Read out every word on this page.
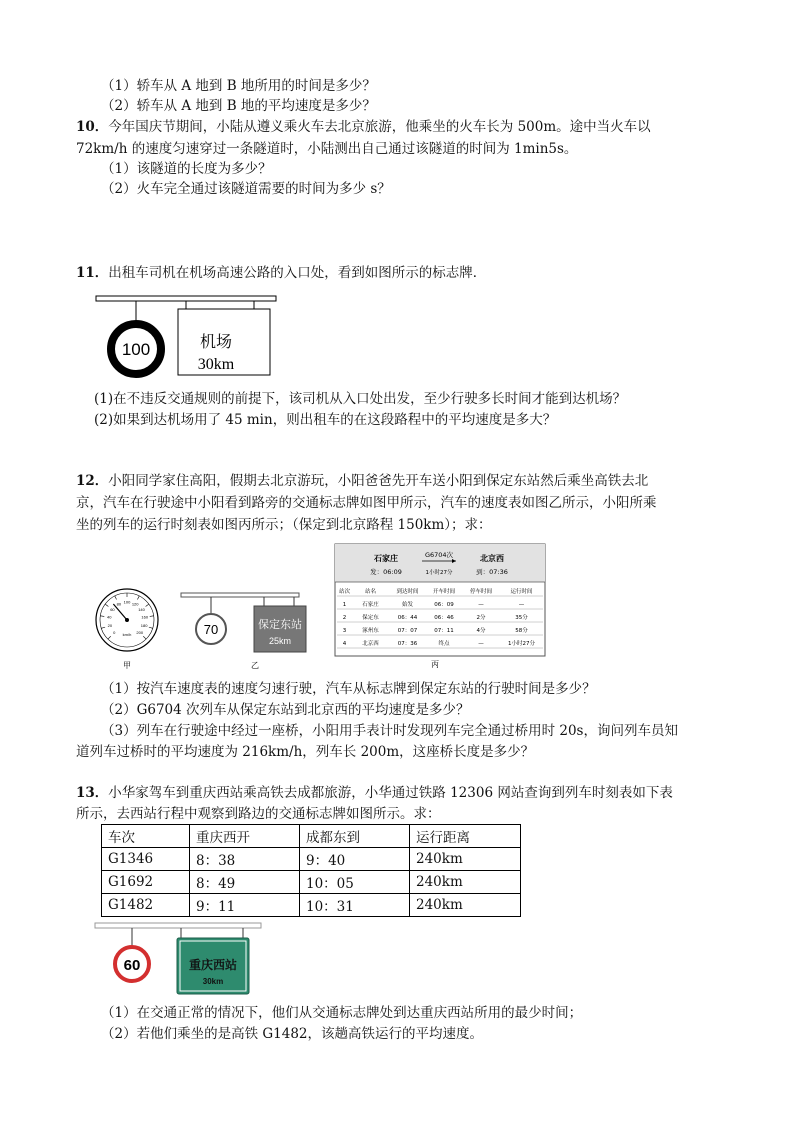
（1）轿车从 A 地到 B 地所用的时间是多少？
（2）轿车从 A 地到 B 地的平均速度是多少？
10．今年国庆节期间，小陆从遵义乘火车去北京旅游，他乘坐的火车长为 500m。途中当火车以
72km/h 的速度匀速穿过一条隧道时，小陆测出自己通过该隧道的时间为 1min5s。
（1）该隧道的长度为多少？
（2）火车完全通过该隧道需要的时间为多少 s？
11．出租车司机在机场高速公路的入口处，看到如图所示的标志牌．
100	机场
30km
(1)在不违反交通规则的前提下，该司机从入口处出发，至少行驶多长时间才能到达机场？
(2)如果到达机场用了 45 min，则出租车的在这段路程中的平均速度是多大？
12．小阳同学家住高阳，假期去北京游玩，小阳爸爸先开车送小阳到保定东站然后乘坐高铁去北
京，汽车在行驶途中小阳看到路旁的交通标志牌如图甲所示，汽车的速度表如图乙所示，小阳所乘
坐的列车的运行时刻表如图丙所示；（保定到北京路程 150km）；求：
0
20
40
60
80 100 120
140
160
180
200
km/h
甲
70	保定东站
25km
乙
石家庄	G6704次	北京西
发：06:09	1小时27分	到：07:36
站次	站名	到达时间	开车时间	停车时间	运行时间
1	石家庄	始发	06：09	—	—
2	保定东	06：44	06：46	2分	35分
3	涿州东	07：07	07：11	4分	58分
4	北京西	07：36	终点	—	1小时27分
丙
（1）按汽车速度表的速度匀速行驶，汽车从标志牌到保定东站的行驶时间是多少？
（2）G6704 次列车从保定东站到北京西的平均速度是多少？
（3）列车在行驶途中经过一座桥，小阳用手表计时发现列车完全通过桥用时 20s，询问列车员知
道列车过桥时的平均速度为 216km/h，列车长 200m，这座桥长度是多少？
13．小华家驾车到重庆西站乘高铁去成都旅游，小华通过铁路 12306 网站查询到列车时刻表如下表
所示，去西站行程中观察到路边的交通标志牌如图所示。求：
车次	重庆西开	成都东到	运行距离
G1346	8：38	9：40	240km
G1692	8：49	10：05	240km
G1482	9：11	10：31	240km
60	重庆西站
30km
（1）在交通正常的情况下，他们从交通标志牌处到达重庆西站所用的最少时间；
（2）若他们乘坐的是高铁 G1482，该趟高铁运行的平均速度。
